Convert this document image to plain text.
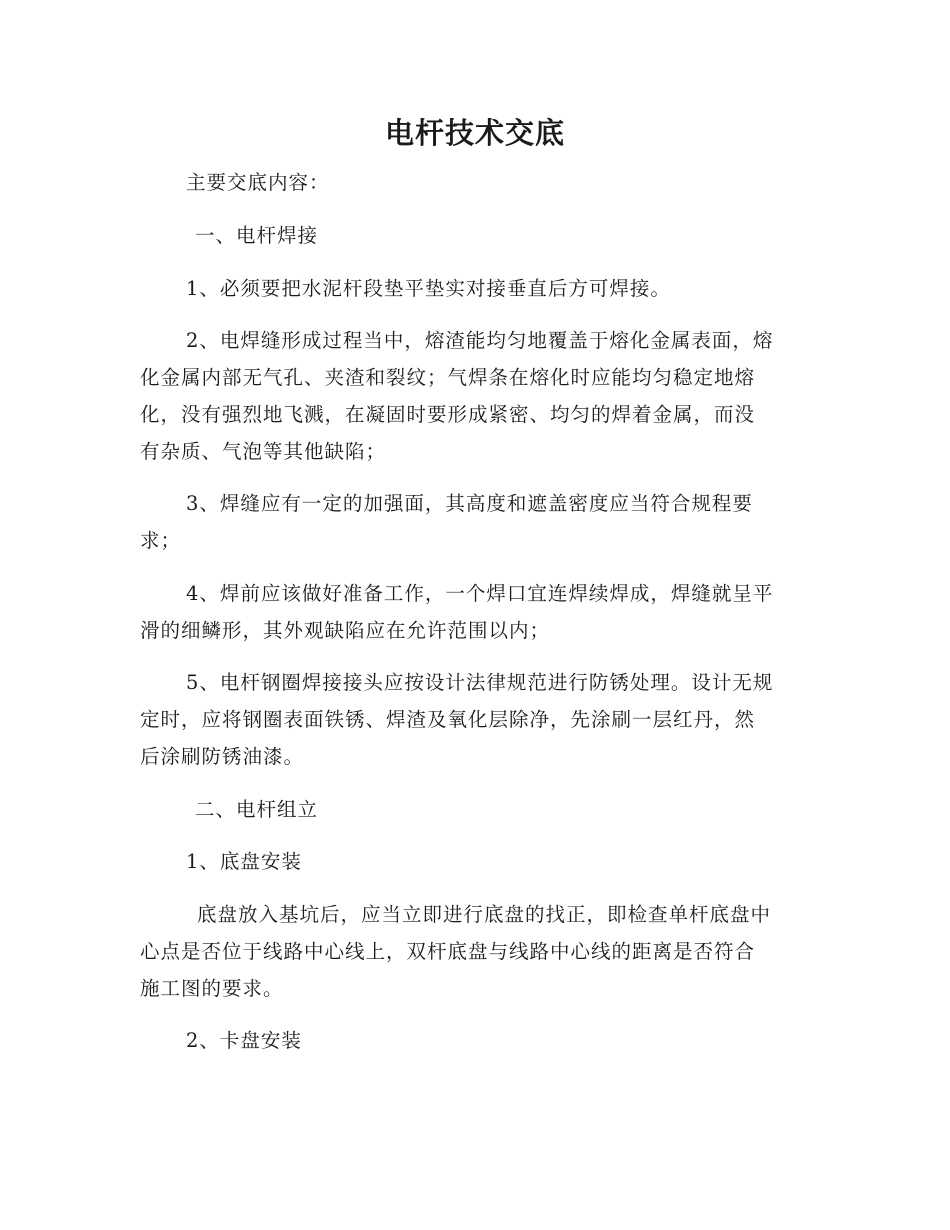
电杆技术交底
主要交底内容：
一、电杆焊接
1、必须要把水泥杆段垫平垫实对接垂直后方可焊接。
2、电焊缝形成过程当中，熔渣能均匀地覆盖于熔化金属表面，熔
化金属内部无气孔、夹渣和裂纹；气焊条在熔化时应能均匀稳定地熔
化，没有强烈地飞溅，在凝固时要形成紧密、均匀的焊着金属，而没
有杂质、气泡等其他缺陷；
3、焊缝应有一定的加强面，其高度和遮盖密度应当符合规程要
求；
4、焊前应该做好准备工作，一个焊口宜连焊续焊成，焊缝就呈平
滑的细鳞形，其外观缺陷应在允许范围以内；
5、电杆钢圈焊接接头应按设计法律规范进行防锈处理。设计无规
定时，应将钢圈表面铁锈、焊渣及氧化层除净，先涂刷一层红丹，然
后涂刷防锈油漆。
二、电杆组立
1、底盘安装
底盘放入基坑后，应当立即进行底盘的找正，即检查单杆底盘中
心点是否位于线路中心线上，双杆底盘与线路中心线的距离是否符合
施工图的要求。
2、卡盘安装
